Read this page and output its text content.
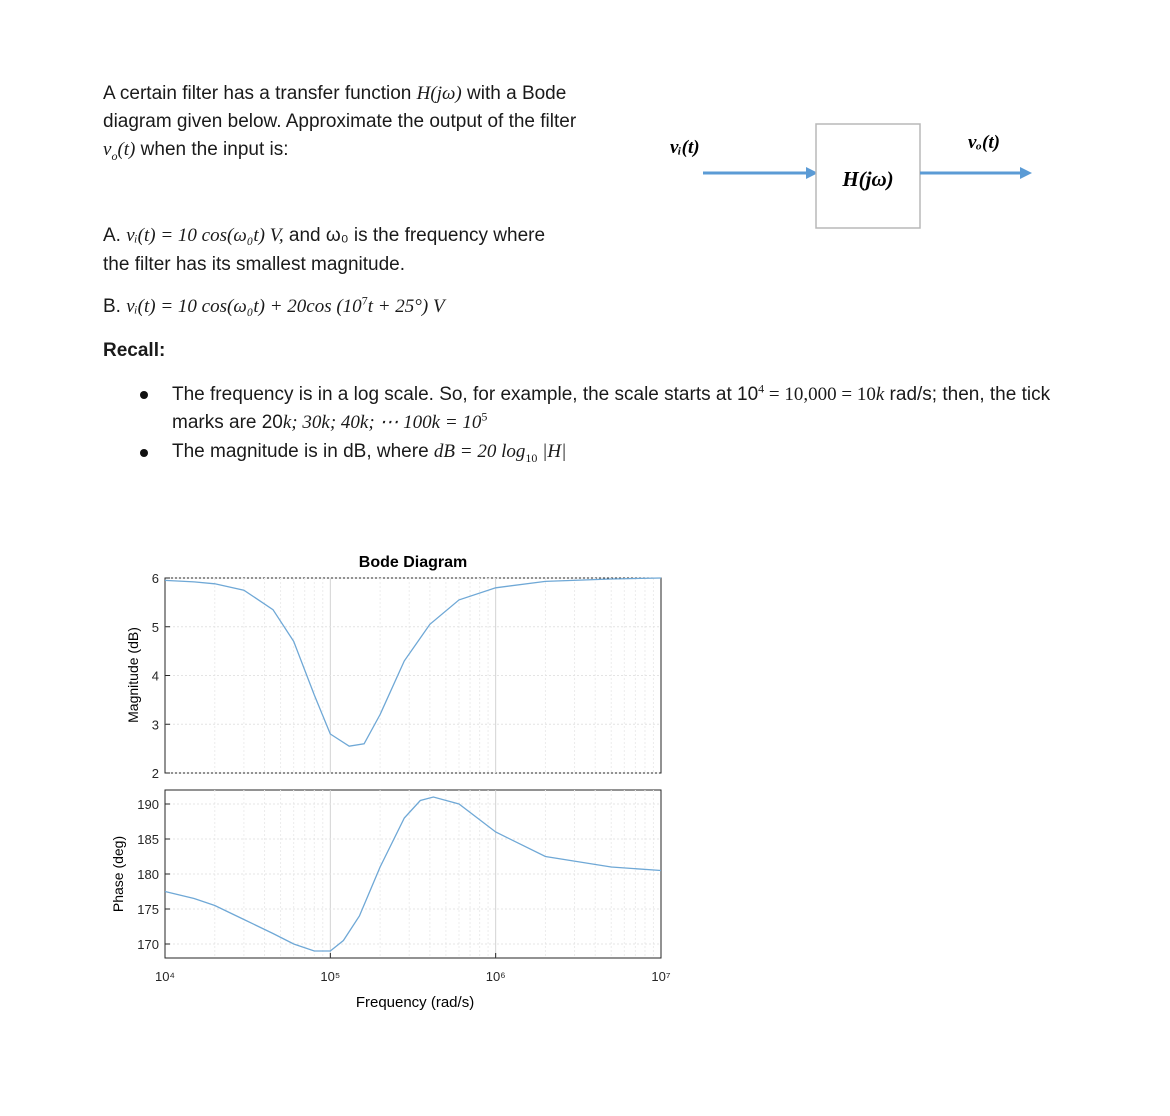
A certain filter has a transfer function H(jω) with a Bode
diagram given below. Approximate the output of the filter
$v_o(t)$ when the input is:	vᵢ(t)
H(jω)
vₒ(t)
A. vᵢ(t) = 10 cos(ω₀t) V, and ω₀ is the frequency where
the filter has its smallest magnitude.
B. vᵢ(t) = 10 cos(ω₀t) + 20cos $(10^7t + 25^\circ)$ V
Recall:
The frequency is in a log scale. So, for example, the scale starts at $10^4 = 10,000 = 10k$ rad/s; then, the tick
marks are 20k; 30k; 40k; ⋯ $100k = 10^5$
The magnitude is in dB, where dB = 20 $\log_{10} |H|$
Bode Diagram
6
5
4
3
2
Magnitude (dB)
190
185
180
175
170
Phase (deg)
10⁴	10⁵	10⁶	10⁷
Frequency (rad/s)
